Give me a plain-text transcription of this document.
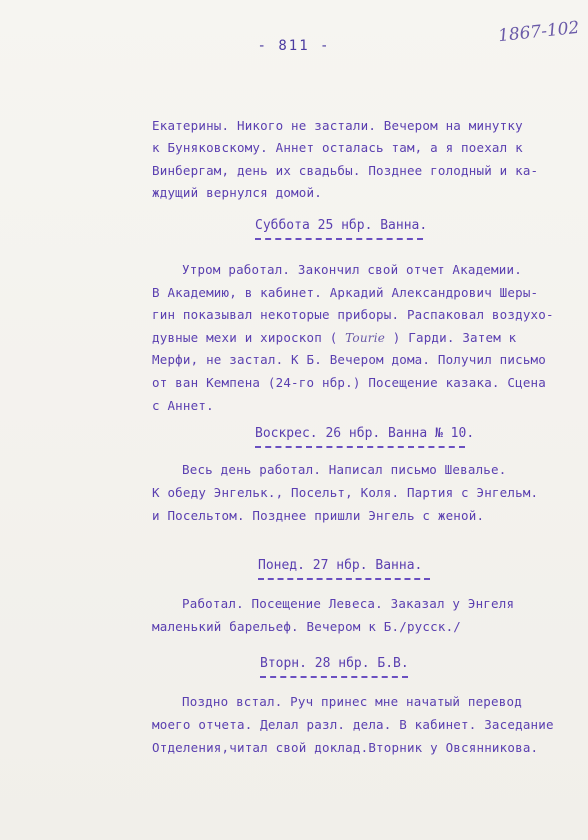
- 811 -	1867-102
Екатерины. Никого не застали. Вечером на минутку
к Буняковскому. Аннет осталась там, а я поехал к
Винбергам, день их свадьбы. Позднее голодный и ка-
ждущий вернулся домой.
Суббота 25 нбр. Ванна.
Утром работал. Закончил свой отчет Академии.
В Академию, в кабинет. Аркадий Александрович Шеры-
гин показывал некоторые приборы. Распаковал воздухо-
дувные мехи и хироскоп ( Tourie ) Гарди. Затем к
Мерфи, не застал. К Б. Вечером дома. Получил письмо
от ван Кемпена (24-го нбр.) Посещение казака. Сцена
с Аннет.
Воскрес. 26 нбр. Ванна № 10.
Весь день работал. Написал письмо Шевалье.
К обеду Энгельк., Посельт, Коля. Партия с Энгельм.
и Посельтом. Позднее пришли Энгель с женой.
Понед. 27 нбр. Ванна.
Работал. Посещение Левеса. Заказал у Энгеля
маленький барельеф. Вечером к Б./русск./
Вторн. 28 нбр. Б.В.
Поздно встал. Руч принес мне начатый перевод
моего отчета. Делал разл. дела. В кабинет. Заседание
Отделения,читал свой доклад.Вторник у Овсянникова.
